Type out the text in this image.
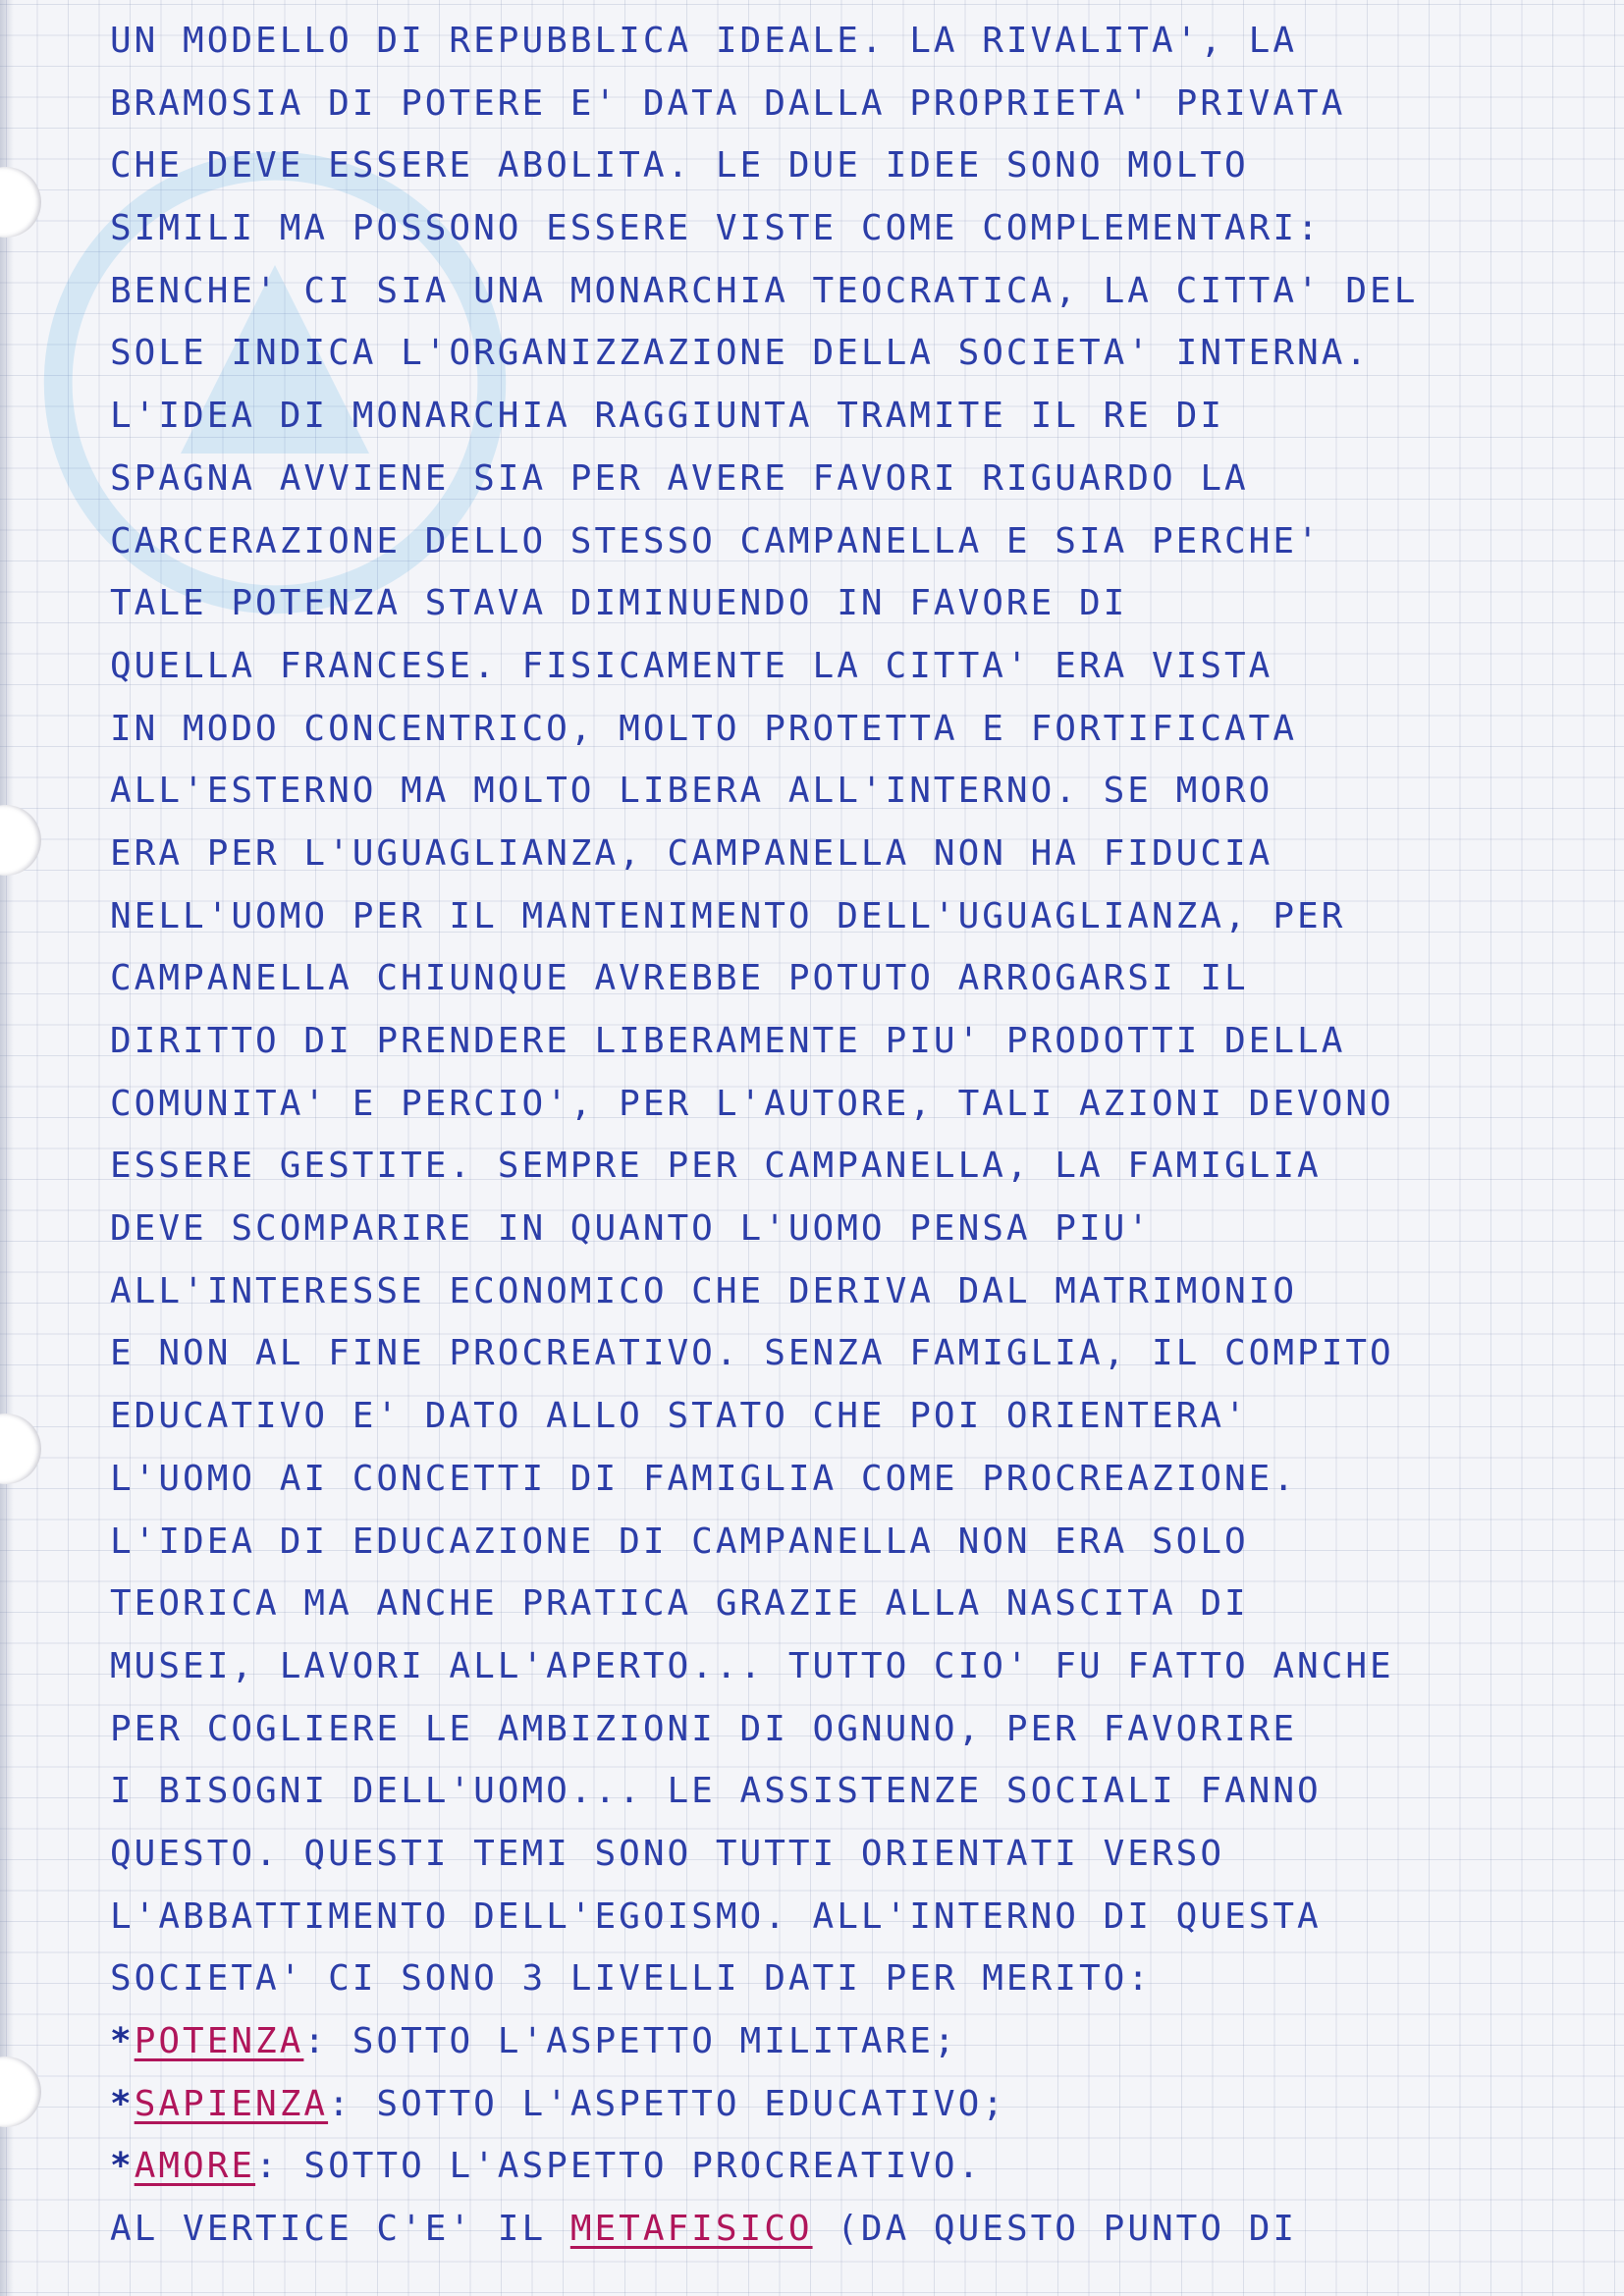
UN MODELLO DI REPUBBLICA IDEALE. LA RIVALITA', LA
BRAMOSIA DI POTERE E' DATA DALLA PROPRIETA' PRIVATA
CHE DEVE ESSERE ABOLITA. LE DUE IDEE SONO MOLTO
SIMILI MA POSSONO ESSERE VISTE COME COMPLEMENTARI:
BENCHE' CI SIA UNA MONARCHIA TEOCRATICA, LA CITTA' DEL
SOLE INDICA L'ORGANIZZAZIONE DELLA SOCIETA' INTERNA.
L'IDEA DI MONARCHIA RAGGIUNTA TRAMITE IL RE DI
SPAGNA AVVIENE SIA PER AVERE FAVORI RIGUARDO LA
CARCERAZIONE DELLO STESSO CAMPANELLA E SIA PERCHE'
TALE POTENZA STAVA DIMINUENDO IN FAVORE DI
QUELLA FRANCESE. FISICAMENTE LA CITTA' ERA VISTA
IN MODO CONCENTRICO, MOLTO PROTETTA E FORTIFICATA
ALL'ESTERNO MA MOLTO LIBERA ALL'INTERNO. SE MORO
ERA PER L'UGUAGLIANZA, CAMPANELLA NON HA FIDUCIA
NELL'UOMO PER IL MANTENIMENTO DELL'UGUAGLIANZA, PER
CAMPANELLA CHIUNQUE AVREBBE POTUTO ARROGARSI IL
DIRITTO DI PRENDERE LIBERAMENTE PIU' PRODOTTI DELLA
COMUNITA' E PERCIO', PER L'AUTORE, TALI AZIONI DEVONO
ESSERE GESTITE. SEMPRE PER CAMPANELLA, LA FAMIGLIA
DEVE SCOMPARIRE IN QUANTO L'UOMO PENSA PIU'
ALL'INTERESSE ECONOMICO CHE DERIVA DAL MATRIMONIO
E NON AL FINE PROCREATIVO. SENZA FAMIGLIA, IL COMPITO
EDUCATIVO E' DATO ALLO STATO CHE POI ORIENTERA'
L'UOMO AI CONCETTI DI FAMIGLIA COME PROCREAZIONE.
L'IDEA DI EDUCAZIONE DI CAMPANELLA NON ERA SOLO
TEORICA MA ANCHE PRATICA GRAZIE ALLA NASCITA DI
MUSEI, LAVORI ALL'APERTO... TUTTO CIO' FU FATTO ANCHE
PER COGLIERE LE AMBIZIONI DI OGNUNO, PER FAVORIRE
I BISOGNI DELL'UOMO... LE ASSISTENZE SOCIALI FANNO
QUESTO. QUESTI TEMI SONO TUTTI ORIENTATI VERSO
L'ABBATTIMENTO DELL'EGOISMO. ALL'INTERNO DI QUESTA
SOCIETA' CI SONO 3 LIVELLI DATI PER MERITO:
*POTENZA: SOTTO L'ASPETTO MILITARE;
*SAPIENZA: SOTTO L'ASPETTO EDUCATIVO;
*AMORE: SOTTO L'ASPETTO PROCREATIVO.
AL VERTICE C'E' IL METAFISICO (DA QUESTO PUNTO DI
